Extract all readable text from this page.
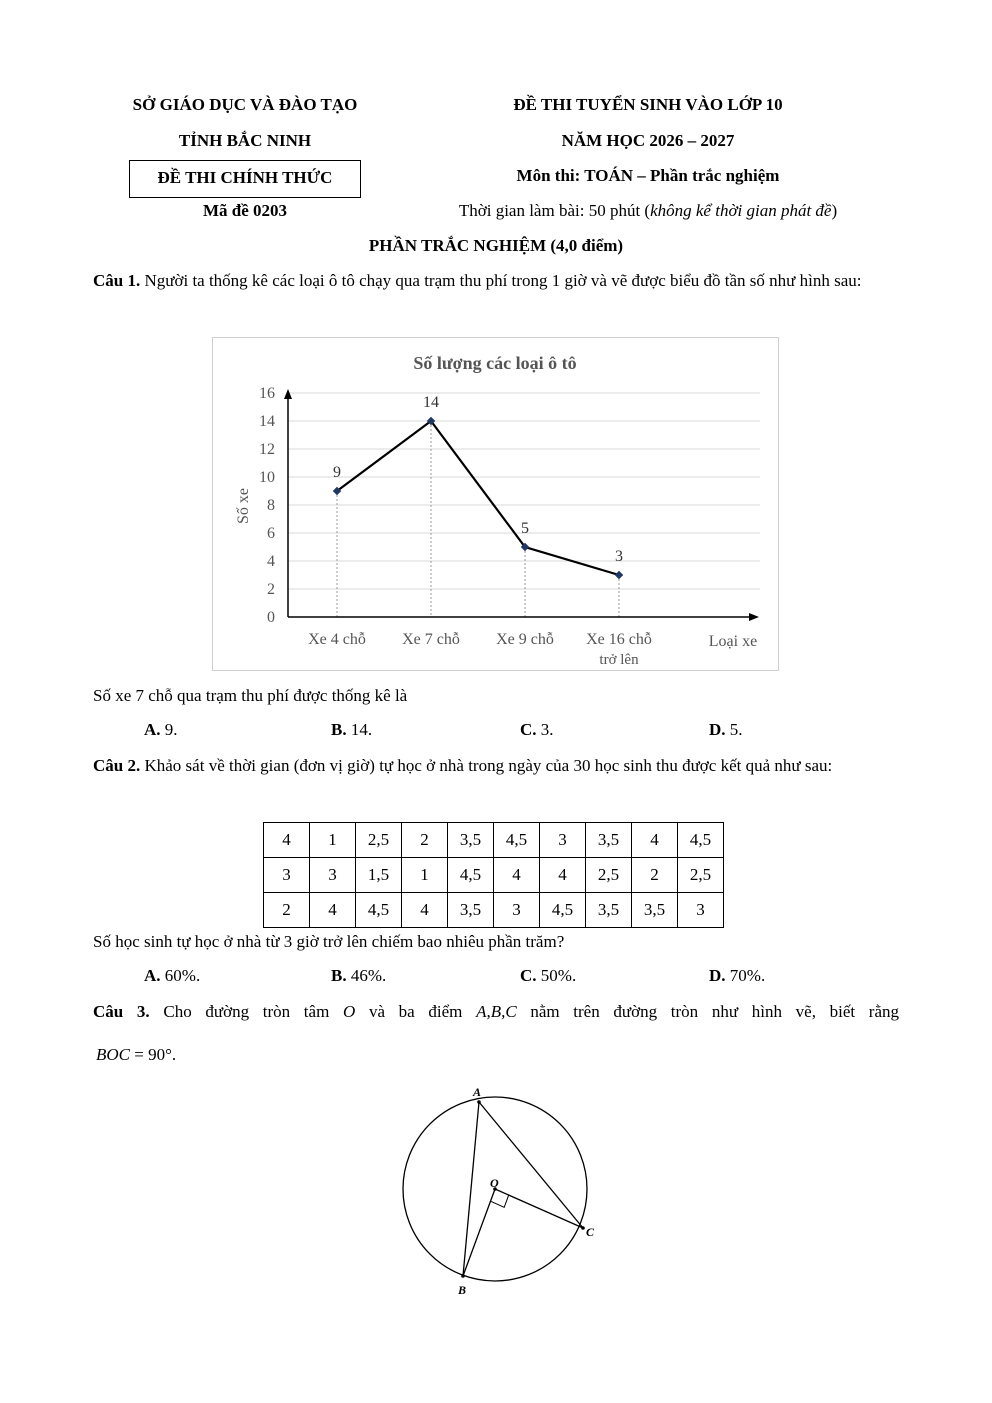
SỞ GIÁO DỤC VÀ ĐÀO TẠO
TỈNH BẮC NINH
ĐỀ THI CHÍNH THỨC
Mã đề 0203
ĐỀ THI TUYỂN SINH VÀO LỚP 10
NĂM HỌC 2026 – 2027
Môn thi: TOÁN – Phần trắc nghiệm
Thời gian làm bài: 50 phút (không kể thời gian phát đề)
PHẦN TRẮC NGHIỆM (4,0 điểm)
Câu 1. Người ta thống kê các loại ô tô chạy qua trạm thu phí trong 1 giờ và vẽ được biểu đồ tần số như hình sau:
Số lượng các loại ô tô
0
2
4
6
8
10
12
14
16
Xe 4 chỗ Xe 7 chỗ Xe 9 chỗ Xe 16 chỗ
trở lên
9
14
5
3
Số xe
Loại xe
Số xe 7 chỗ qua trạm thu phí được thống kê là
A. 9.	B. 14.	C. 3.	D. 5.
Câu 2. Khảo sát về thời gian (đơn vị giờ) tự học ở nhà trong ngày của 30 học sinh thu được kết quả như sau:
4	1	2,5	2	3,5	4,5	3	3,5	4	4,5
3	3	1,5	1	4,5	4	4	2,5	2	2,5
2	4	4,5	4	3,5	3	4,5	3,5	3,5	3
Số học sinh tự học ở nhà từ 3 giờ trở lên chiếm bao nhiêu phần trăm?
A. 60%.	B. 46%.	C. 50%.	D. 70%.
Câu 3. Cho đường tròn tâm O và ba điểm A,B,C nằm trên đường tròn như hình vẽ, biết rằng
BOC = 90°.
A
B
C
O
